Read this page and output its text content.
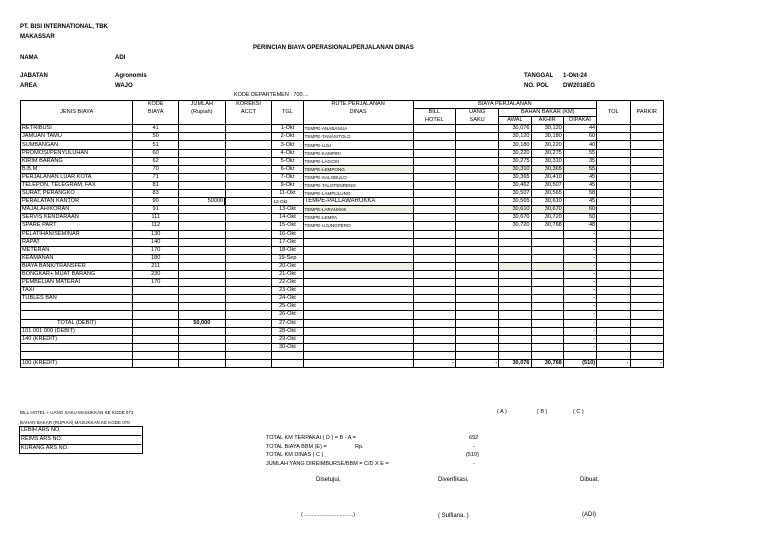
PT. BISI INTERNATIONAL, TBK
MAKASSAR
PERINCIAN BIAYA OPERASIONAL/PERJALANAN DINAS
NAMA	ADI
JABATAN	Agronomis
AREA	WAJO
TANGGAL 1-Okt-24
NO. POL DW2018EG
KODE DEPARTEMEN : 700....
JENIS BIAYA	KODE	JUMLAH	KOREKSI		RUTE PERJALANAN	BIAYA PERJALANAN						
	BIAYA	(Rupiah)	ACCT	TGL	DINAS	BILL	UANG	BAHAN BAKAR (KM)			TOL	PARKIR
						HOTEL	SAKU	AWAL	AKHIR	DIPAKAI		
RETRIBUSI	41			1-Okt	TEMPE-ANABANUA			30,076	30,120	44		
JAMUAN TAMU	50			2-Okt	TEMPE-TANASITOLO			30,120	30,180	60		
SUMBANGAN	51			3-Okt	TEMPE-UJU			30,180	30,220	40		
PROMOSI/PENYULUHAN	60			4-Okt	TEMPE-KAMPIRI			30,220	30,275	55		
KIRIM BARANG	62			5-Okt	TEMPE-LAGOSI			30,275	30,310	35		
B.B.M	70			6-Okt	TEMPE-LEMPONG			30,310	30,365	55		
PERJALANAN LUAR KOTA	71			7-Okt	TEMPE-SALOBULO			30,365	30,410	45		
TELEPON, TELEGRAM, FAX	81			9-Okt	TEMPE-TALOTENRENG			30,462	30,507	45		
SURAT, PERANGKO	83			11-Okt	TEMPE-LAMPULUNG			30,507	30,565	58		
PERALATAN KANTOR	90	50000		12-Okt	TEMPE-PALLAWARUKKA			30,565	30,610	45		
MAJALAH/KORAN	91			13-Okt	TEMPE-LARAUKKE			30,610	30,670	60		
SERVIS KENDARAAN	111			14-Okt	TEMPE-LEMPA			30,670	30,720	50		
SPARE PART	112			15-Okt	TEMPE-UJUNGPERO			30,720	30,768	48		
PELATIHAN/SEMINAR	130			16-Okt						-		
RAPAT	140			17-Okt						-		
METERAN	170			18-Okt						-		
KEAMANAN	180			19-Sep						-		
BIAYA BANK/TRANSFER	211			20-Okt						-		
BONGKAR+ MUAT BARANG	230			21-Okt						-		
PEMBELIAN MATERAI	170			22-Okt						-		
TAXI				23-Okt						-		
TUBLES BAN				24-Okt						-		
				25-Okt						-		
				26-Okt						-		
TOTAL (DEBIT)		50,000		27-Okt						-		
101 001 000 (DEBIT)				28-Okt						-		
140 (KREDIT)				29-Okt						-		
				30-Okt						-		

100 (KREDIT)						-	-	30,076	30,768	(510)	-	-
( A )	( B )	( C )
BILL HOTEL + UANG SAKU MASUKKAN KE KODE 071
BAHAN BAKAR (RUPIAH) MASUKKAN KE KODE 070
LEBIH ARS NO.
REIMS ARS NO.
KURANG ARS NO.
TOTAL KM TERPAKAI ( D ) = B - A =	692
TOTAL BIAYA BBM (E) =	Rp.	-
TOTAL KM DINAS ( C )	(510)
JUMLAH YANG DIREIMBURSE/BBM = C/D X E =	-
Disetujui,	Diverifikasi,	Dibuat,
( ................................)	( Sulfiana. )	(ADI)
